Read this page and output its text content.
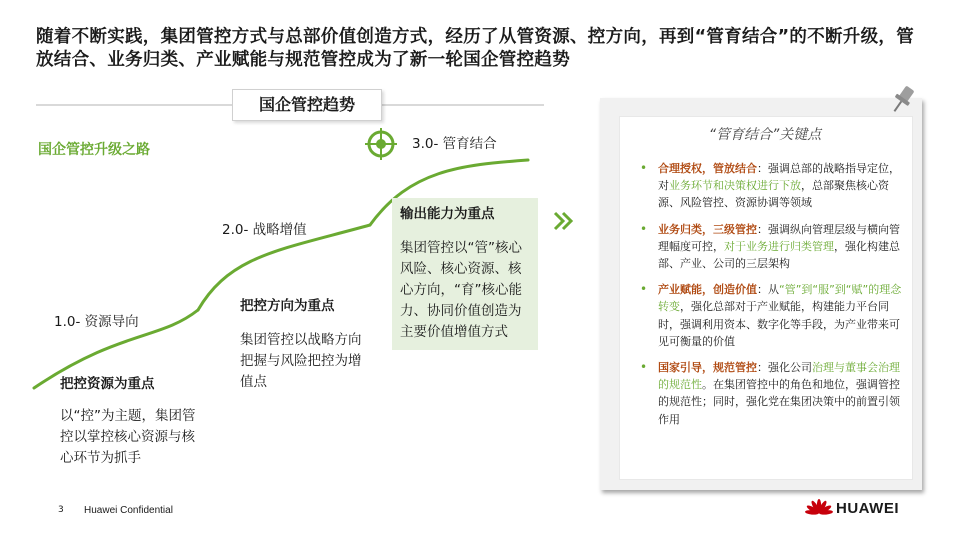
随着不断实践，集团管控方式与总部价值创造方式，经历了从管资源、控方向，再到“管育结合”的不断升级，管放结合、业务归类、产业赋能与规范管控成为了新一轮国企管控趋势
国企管控趋势
国企管控升级之路
1.0- 资源导向
把控资源为重点
以“控”为主题，集团管控以掌控核心资源与核心环节为抓手
2.0- 战略增值
把控方向为重点
集团管控以战略方向把握与风险把控为增值点
3.0- 管育结合
输出能力为重点
集团管控以“管”核心风险、核心资源、核心方向，“育”核心能力、协同价值创造为主要价值增值方式
“管育结合”关键点
• 合理授权，管放结合：强调总部的战略指导定位，对业务环节和决策权进行下放，总部聚焦核心资源、风险管控、资源协调等领域
• 业务归类，三级管控：强调纵向管理层级与横向管理幅度可控，对于业务进行归类管理，强化构建总部、产业、公司的三层架构
• 产业赋能，创造价值：从“管”到“服”到“赋”的理念转变，强化总部对于产业赋能，构建能力平台同时，强调利用资本、数字化等手段，为产业带来可见可衡量的价值
• 国家引导，规范管控：强化公司治理与董事会治理的规范性。在集团管控中的角色和地位，强调管控的规范性；同时，强化党在集团决策中的前置引领作用
3 Huawei Confidential	HUAWEI
